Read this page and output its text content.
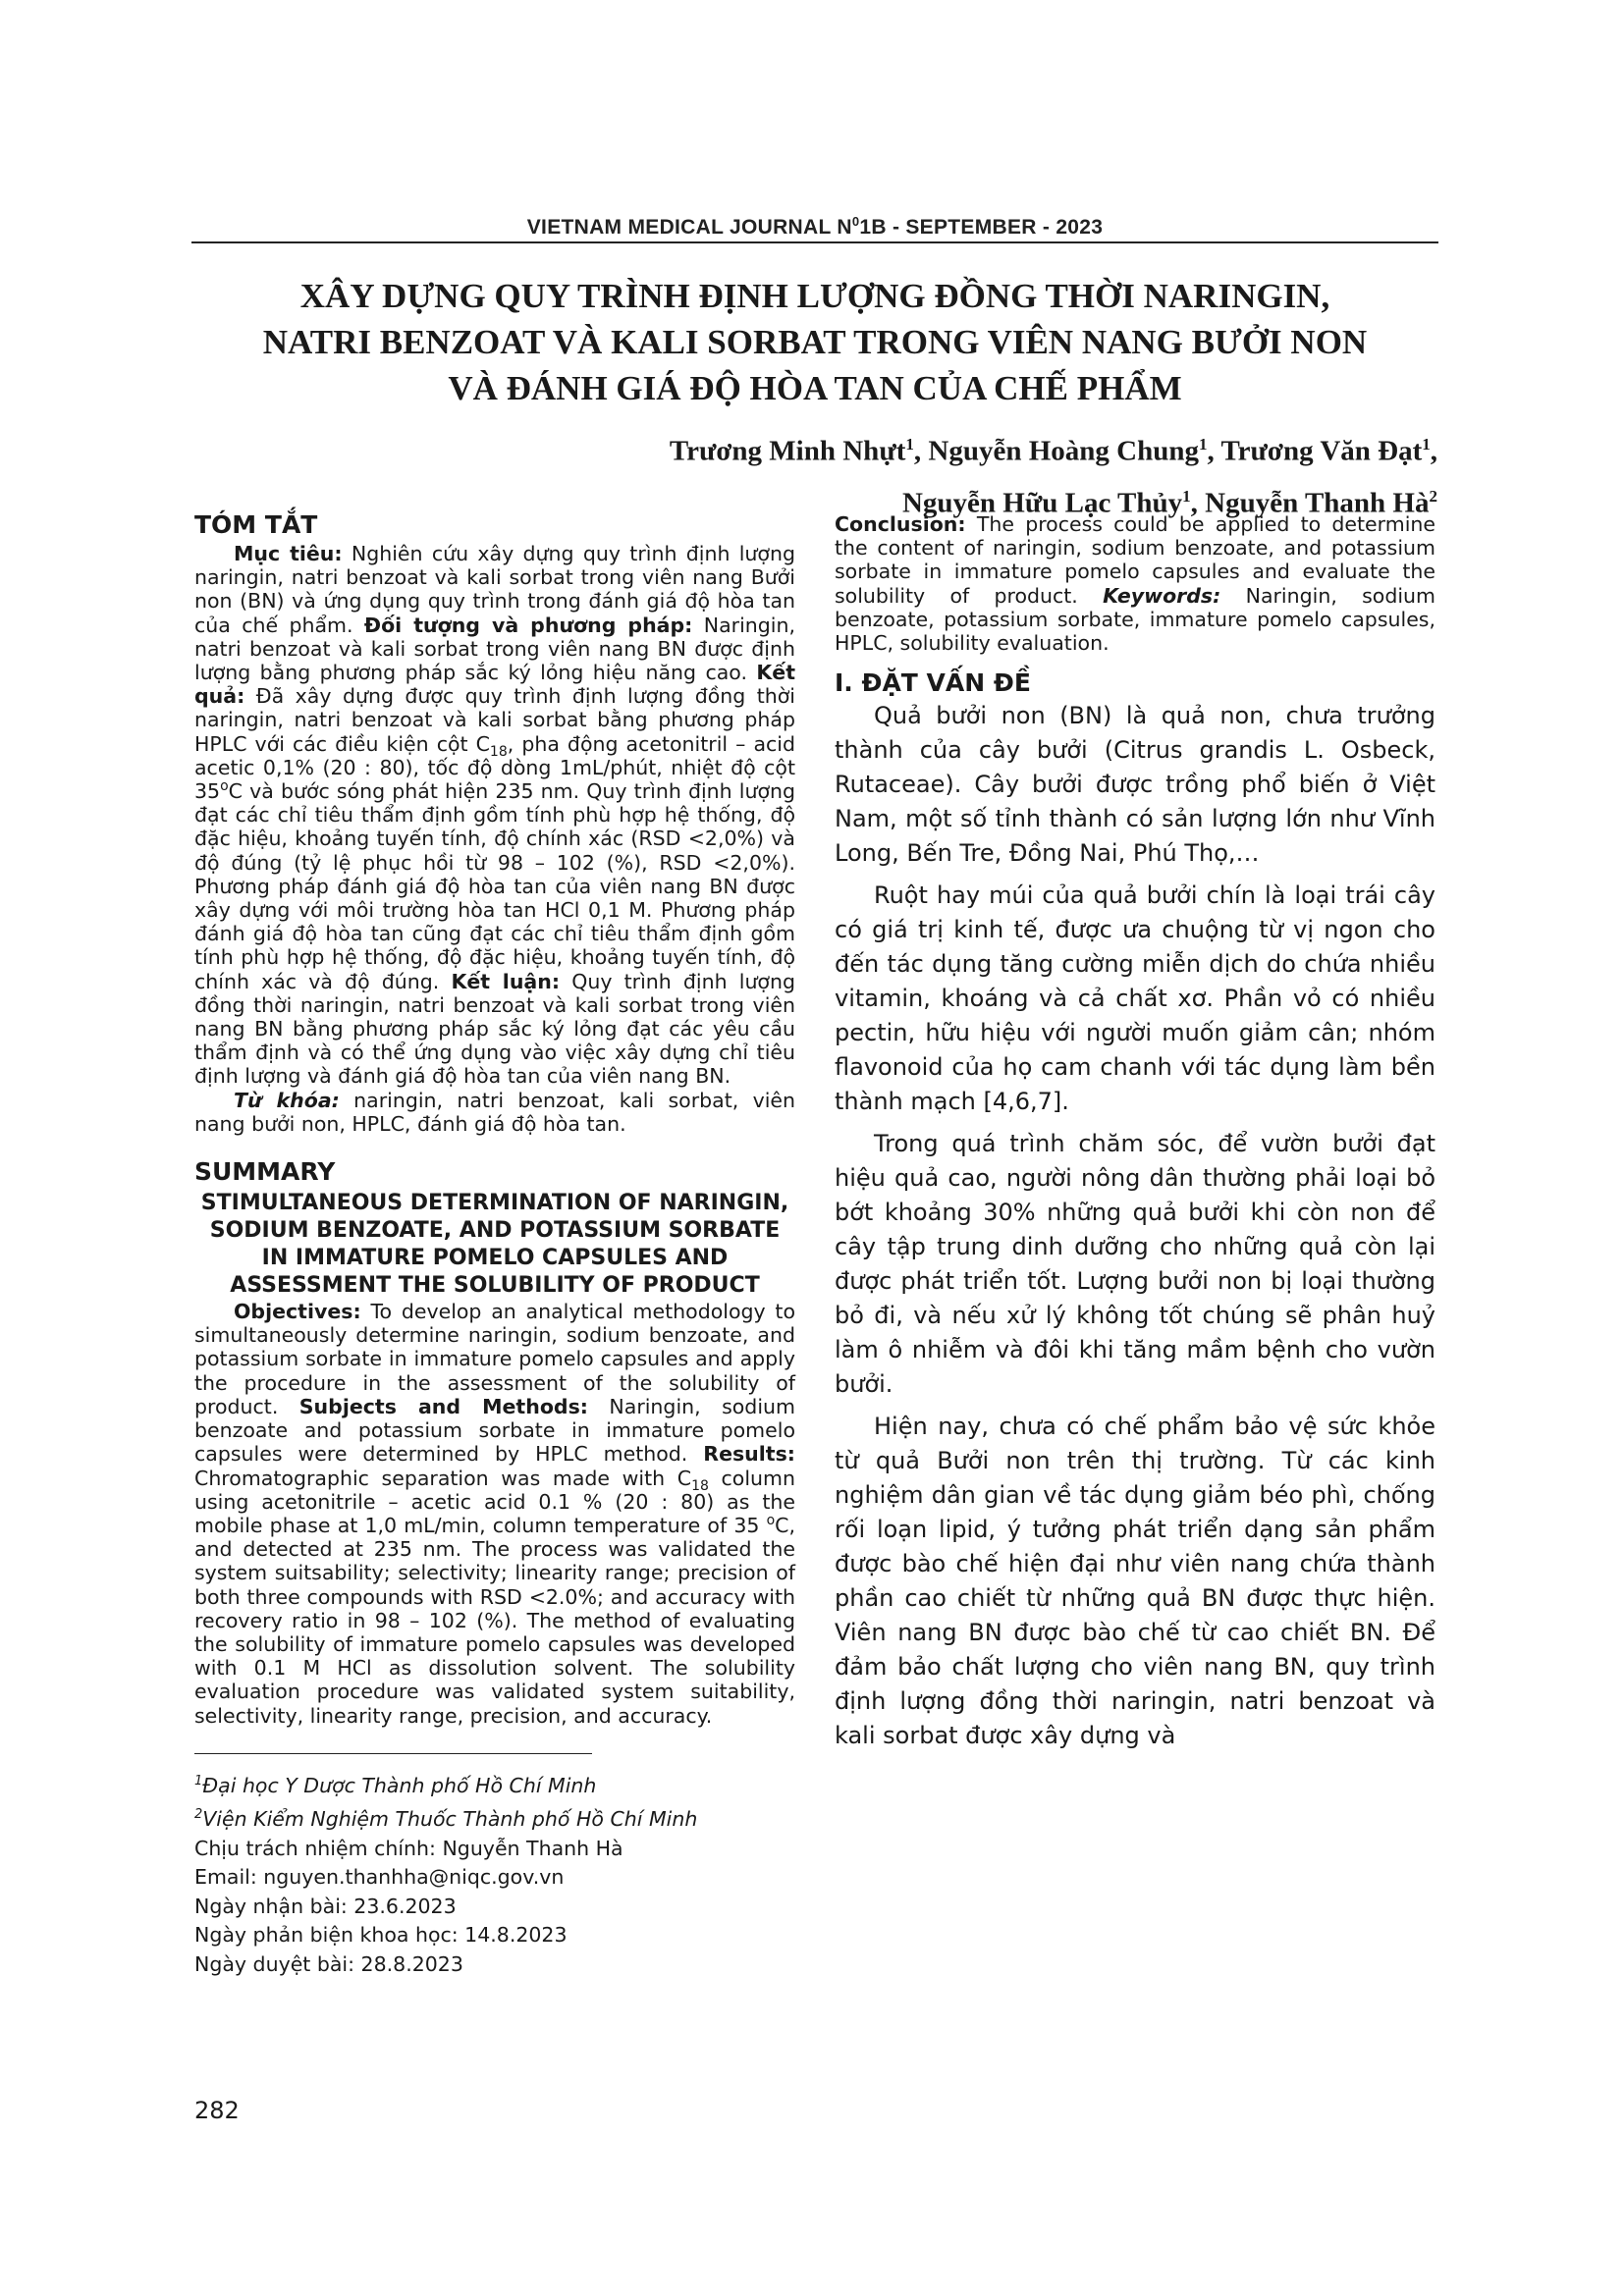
VIETNAM MEDICAL JOURNAL $N^01B$ - SEPTEMBER - 2023
XÂY DỰNG QUY TRÌNH ĐỊNH LƯỢNG ĐỒNG THỜI NARINGIN,
NATRI BENZOAT VÀ KALI SORBAT TRONG VIÊN NANG BƯỞI NON
VÀ ĐÁNH GIÁ ĐỘ HÒA TAN CỦA CHẾ PHẨM
Trương Minh Nhựt$^1$, Nguyễn Hoàng Chung$^1$, Trương Văn Đạt$^1$,
Nguyễn Hữu Lạc Thủy$^1$, Nguyễn Thanh $Hà^2$

TÓM TẮT

Mục tiêu: Nghiên cứu xây dựng quy trình định lượng naringin, natri benzoat và kali sorbat trong viên nang Bưởi non (BN) và ứng dụng quy trình trong đánh giá độ hòa tan của chế phẩm. Đối tượng và phương pháp: Naringin, natri benzoat và kali sorbat trong viên nang BN được định lượng bằng phương pháp sắc ký lỏng hiệu năng cao. Kết quả: Đã xây dựng được quy trình định lượng đồng thời naringin, natri benzoat và kali sorbat bằng phương pháp HPLC với các điều kiện cột $C_{18}$, pha động acetonitril – acid acetic 0,1% (20 : 80), tốc độ dòng 1mL/phút, nhiệt độ cột 35$^o$C và bước sóng phát hiện 235 nm. Quy trình định lượng đạt các chỉ tiêu thẩm định gồm tính phù hợp hệ thống, độ đặc hiệu, khoảng tuyến tính, độ chính xác (RSD <2,0%) và độ đúng (tỷ lệ phục hồi từ 98 – 102 (%), RSD <2,0%). Phương pháp đánh giá độ hòa tan của viên nang BN được xây dựng với môi trường hòa tan HCl 0,1 M. Phương pháp đánh giá độ hòa tan cũng đạt các chỉ tiêu thẩm định gồm tính phù hợp hệ thống, độ đặc hiệu, khoảng tuyến tính, độ chính xác và độ đúng. Kết luận: Quy trình định lượng đồng thời naringin, natri benzoat và kali sorbat trong viên nang BN bằng phương pháp sắc ký lỏng đạt các yêu cầu thẩm định và có thể ứng dụng vào việc xây dựng chỉ tiêu định lượng và đánh giá độ hòa tan của viên nang BN.

Từ khóa: naringin, natri benzoat, kali sorbat, viên nang bưởi non, HPLC, đánh giá độ hòa tan.

SUMMARY

STIMULTANEOUS DETERMINATION OF NARINGIN, SODIUM BENZOATE, AND POTASSIUM SORBATE IN IMMATURE POMELO CAPSULES AND ASSESSMENT THE SOLUBILITY OF PRODUCT

Objectives: To develop an analytical methodology to simultaneously determine naringin, sodium benzoate, and potassium sorbate in immature pomelo capsules and apply the procedure in the assessment of the solubility of product. Subjects and Methods: Naringin, sodium benzoate and potassium sorbate in immature pomelo capsules were determined by HPLC method. Results: Chromatographic separation was made with $C_{18}$ column using acetonitrile – acetic acid 0.1 % (20 : 80) as the mobile phase at 1,0 mL/min, column temperature of 35 $^o$C, and detected at 235 nm. The process was validated the system suitsability; selectivity; linearity range; precision of both three compounds with RSD <2.0%; and accuracy with recovery ratio in 98 – 102 (%). The method of evaluating the solubility of immature pomelo capsules was developed with 0.1 M HCl as dissolution solvent. The solubility evaluation procedure was validated system suitability, selectivity, linearity range, precision, and accuracy.

$^1$Đại học Y Dược Thành phố Hồ Chí Minh

$^2$Viện Kiểm Nghiệm Thuốc Thành phố Hồ Chí Minh

Chịu trách nhiệm chính: Nguyễn Thanh Hà

Email: nguyen.thanhha@niqc.gov.vn

Ngày nhận bài: 23.6.2023

Ngày phản biện khoa học: 14.8.2023

Ngày duyệt bài: 28.8.2023

282

Conclusion: The process could be applied to determine the content of naringin, sodium benzoate, and potassium sorbate in immature pomelo capsules and evaluate the solubility of product. Keywords: Naringin, sodium benzoate, potassium sorbate, immature pomelo capsules, HPLC, solubility evaluation.

I. ĐẶT VẤN ĐỀ

Quả bưởi non (BN) là quả non, chưa trưởng thành của cây bưởi (Citrus grandis L. Osbeck, Rutaceae). Cây bưởi được trồng phổ biến ở Việt Nam, một số tỉnh thành có sản lượng lớn như Vĩnh Long, Bến Tre, Đồng Nai, Phú Thọ,…

Ruột hay múi của quả bưởi chín là loại trái cây có giá trị kinh tế, được ưa chuộng từ vị ngon cho đến tác dụng tăng cường miễn dịch do chứa nhiều vitamin, khoáng và cả chất xơ. Phần vỏ có nhiều pectin, hữu hiệu với người muốn giảm cân; nhóm flavonoid của họ cam chanh với tác dụng làm bền thành mạch [4,6,7].

Trong quá trình chăm sóc, để vườn bưởi đạt hiệu quả cao, người nông dân thường phải loại bỏ bớt khoảng 30% những quả bưởi khi còn non để cây tập trung dinh dưỡng cho những quả còn lại được phát triển tốt. Lượng bưởi non bị loại thường bỏ đi, và nếu xử lý không tốt chúng sẽ phân huỷ làm ô nhiễm và đôi khi tăng mầm bệnh cho vườn bưởi.

Hiện nay, chưa có chế phẩm bảo vệ sức khỏe từ quả Bưởi non trên thị trường. Từ các kinh nghiệm dân gian về tác dụng giảm béo phì, chống rối loạn lipid, ý tưởng phát triển dạng sản phẩm được bào chế hiện đại như viên nang chứa thành phần cao chiết từ những quả BN được thực hiện. Viên nang BN được bào chế từ cao chiết BN. Để đảm bảo chất lượng cho viên nang BN, quy trình định lượng đồng thời naringin, natri benzoat và kali sorbat được xây dựng và
